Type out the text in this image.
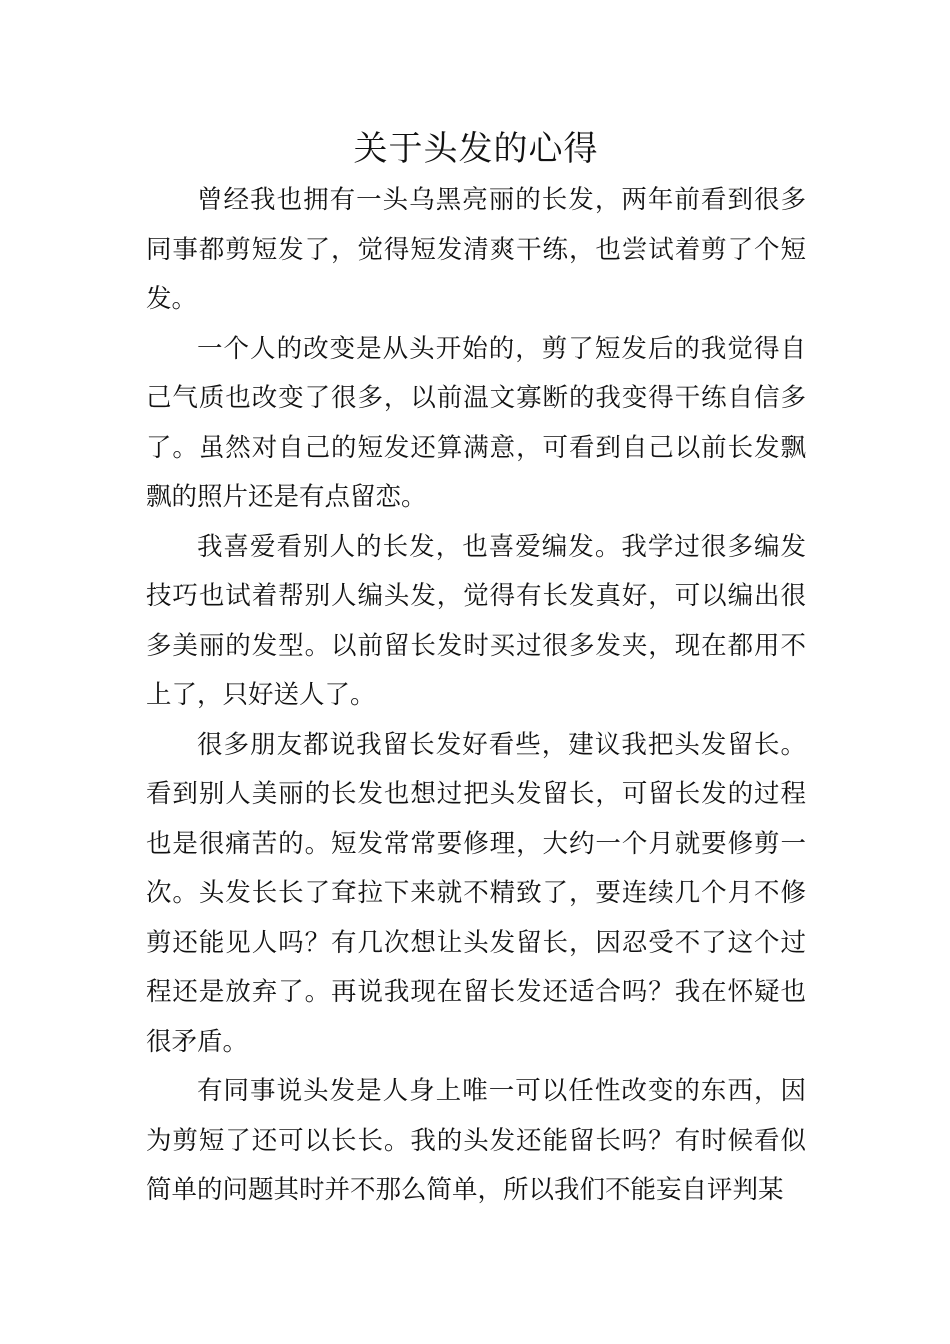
关于头发的心得

曾经我也拥有一头乌黑亮丽的长发，两年前看到很多同事都剪短发了，觉得短发清爽干练，也尝试着剪了个短发。

一个人的改变是从头开始的，剪了短发后的我觉得自己气质也改变了很多，以前温文寡断的我变得干练自信多了。虽然对自己的短发还算满意，可看到自己以前长发飘飘的照片还是有点留恋。

我喜爱看别人的长发，也喜爱编发。我学过很多编发技巧也试着帮别人编头发，觉得有长发真好，可以编出很多美丽的发型。以前留长发时买过很多发夹，现在都用不上了，只好送人了。

很多朋友都说我留长发好看些，建议我把头发留长。看到别人美丽的长发也想过把头发留长，可留长发的过程也是很痛苦的。短发常常要修理，大约一个月就要修剪一次。头发长长了耷拉下来就不精致了，要连续几个月不修剪还能见人吗？有几次想让头发留长，因忍受不了这个过程还是放弃了。再说我现在留长发还适合吗？我在怀疑也很矛盾。

有同事说头发是人身上唯一可以任性改变的东西，因为剪短了还可以长长。我的头发还能留长吗？有时候看似简单的问题其时并不那么简单，所以我们不能妄自评判某
